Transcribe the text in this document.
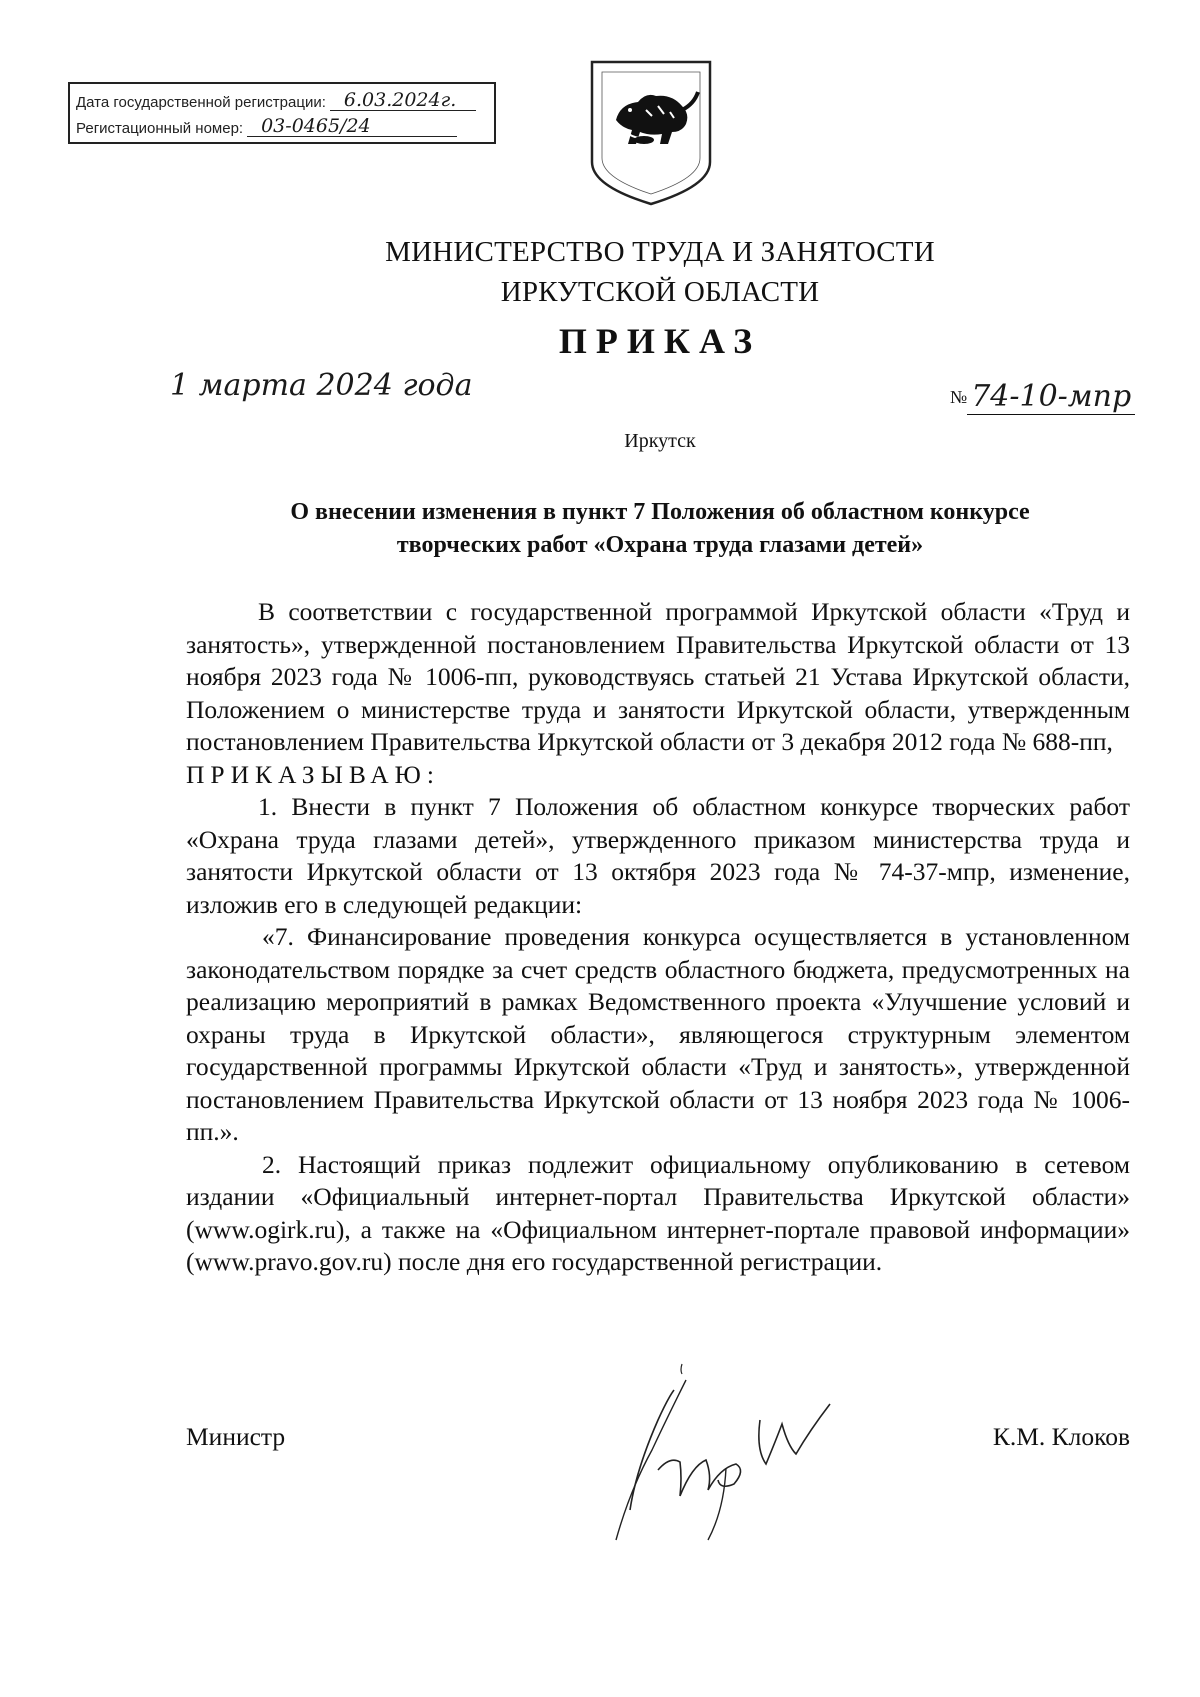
Дата государственной регистрации: 6.03.2024г.
Регистационный номер: 03-0465/24
МИНИСТЕРСТВО ТРУДА И ЗАНЯТОСТИ
ИРКУТСКОЙ ОБЛАСТИ
ПРИКАЗ
1 марта 2024 года	№ 74-10-мпр
Иркутск
О внесении изменения в пункт 7 Положения об областном конкурсе
творческих работ «Охрана труда глазами детей»

В соответствии с государственной программой Иркутской области «Труд и занятость», утвержденной постановлением Правительства Иркутской области от 13 ноября 2023 года № 1006-пп, руководствуясь статьей 21 Устава Иркутской области, Положением о министерстве труда и занятости Иркутской области, утвержденным постановлением Правительства Иркутской области от 3 декабря 2012 года № 688-пп,

ПРИКАЗЫВАЮ:

1. Внести в пункт 7 Положения об областном конкурсе творческих работ «Охрана труда глазами детей», утвержденного приказом министерства труда и занятости Иркутской области от 13 октября 2023 года № 74-37-мпр, изменение, изложив его в следующей редакции:

«7. Финансирование проведения конкурса осуществляется в установленном законодательством порядке за счет средств областного бюджета, предусмотренных на реализацию мероприятий в рамках Ведомственного проекта «Улучшение условий и охраны труда в Иркутской области», являющегося структурным элементом государственной программы Иркутской области «Труд и занятость», утвержденной постановлением Правительства Иркутской области от 13 ноября 2023 года № 1006-пп.».

2. Настоящий приказ подлежит официальному опубликованию в сетевом издании «Официальный интернет-портал Правительства Иркутской области» (www.ogirk.ru), а также на «Официальном интернет-портале правовой информации» (www.pravo.gov.ru) после дня его государственной регистрации.

Министр	К.М. Клоков
